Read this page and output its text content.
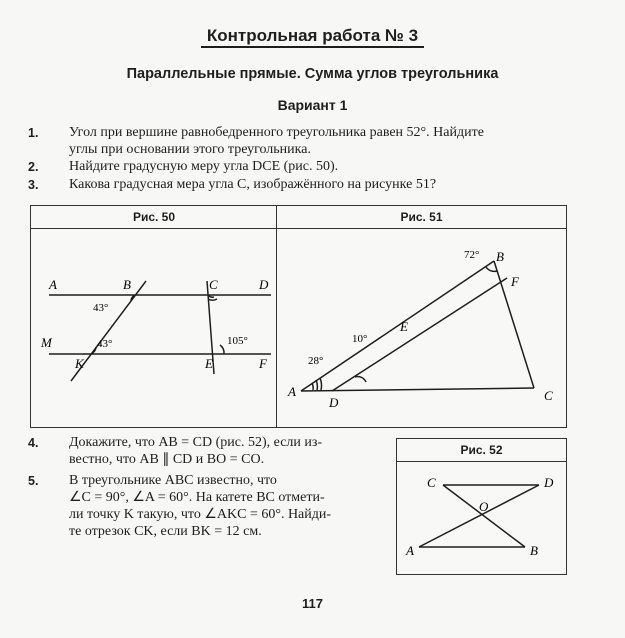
Контрольная работа № 3
Параллельные прямые. Сумма углов треугольника
Вариант 1
1. Угол при вершине равнобедренного треугольника равен 52°. Найдите
углы при основании этого треугольника.
2. Найдите градусную меру угла DCE (рис. 50).
3. Какова градусная мера угла C, изображённого на рисунке 51?
Рис. 50
A	B	C	D
M
K	E	F
43°
43°	105°
Рис. 51
B
F
E
A
D	C
72°
10°
28°
4. Докажите, что AB = CD (рис. 52), если из-
вестно, что AB ∥ CD и BO = CO.
5. В треугольнике ABC известно, что
∠C = 90°, ∠A = 60°. На катете BC отмети-
ли точку K такую, что ∠AKC = 60°. Найди-
те отрезок CK, если BK = 12 см.
Рис. 52
C	D
O
A	B
117
